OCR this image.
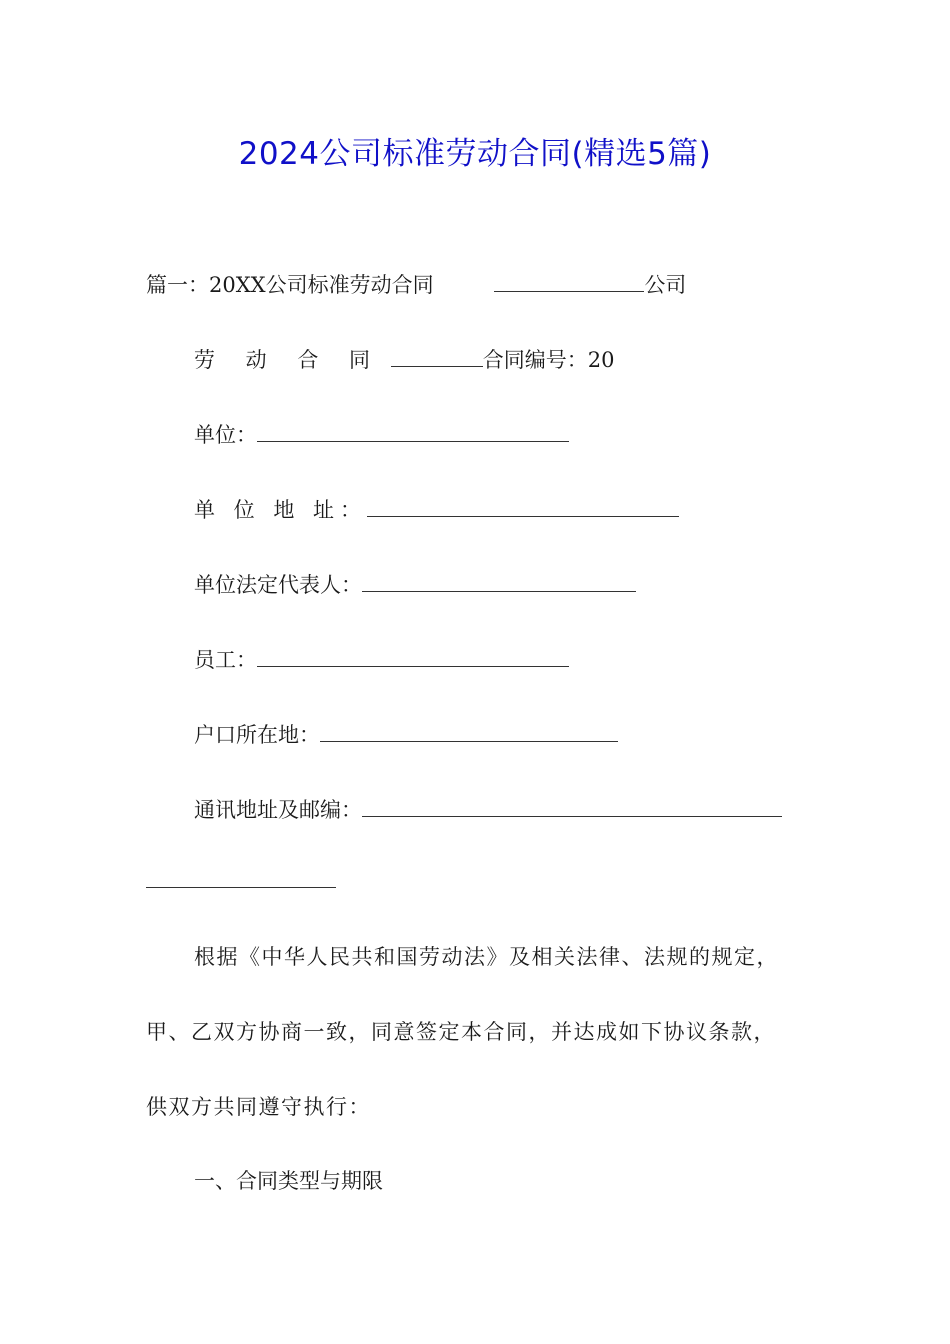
2024公司标准劳动合同(精选5篇)
篇一：20XX公司标准劳动合同	公司
劳 动 合 同	合同编号：20
单位：
单 位 地 址：
单位法定代表人：
员工：
户口所在地：
通讯地址及邮编：
根据《中华人民共和国劳动法》及相关法律、法规的规定，
甲、乙双方协商一致，同意签定本合同，并达成如下协议条款，
供双方共同遵守执行：
一、合同类型与期限
